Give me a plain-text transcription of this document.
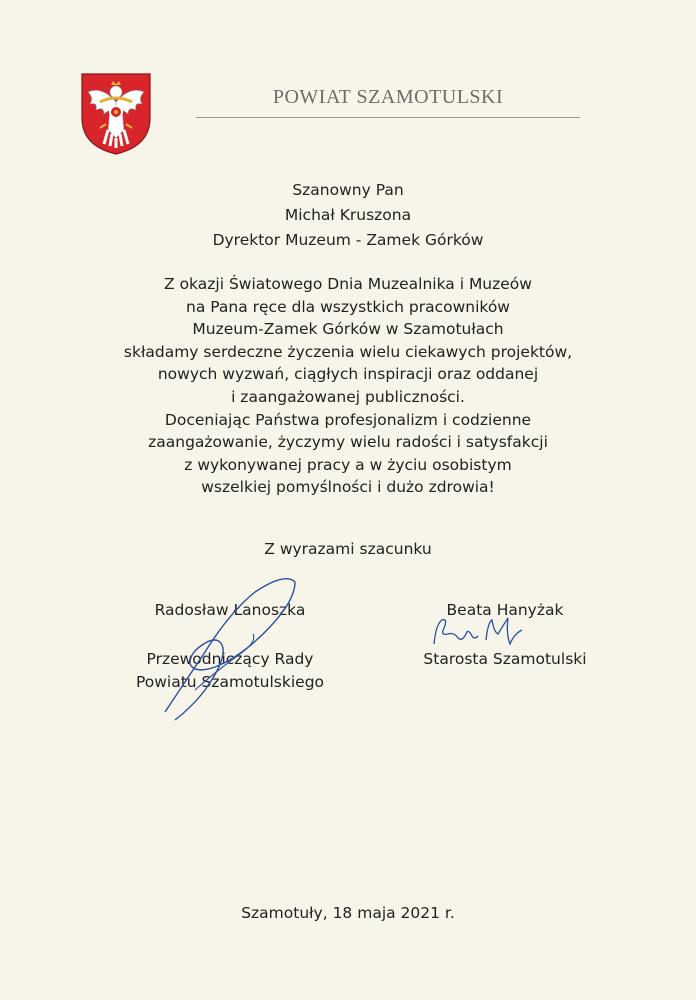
POWIAT SZAMOTULSKI
Szanowny Pan
Michał Kruszona
Dyrektor Muzeum - Zamek Górków
Z okazji Światowego Dnia Muzealnika i Muzeów
na Pana ręce dla wszystkich pracowników
Muzeum-Zamek Górków w Szamotułach
składamy serdeczne życzenia wielu ciekawych projektów,
nowych wyzwań, ciągłych inspiracji oraz oddanej
i zaangażowanej publiczności.
Doceniając Państwa profesjonalizm i codzienne
zaangażowanie, życzymy wielu radości i satysfakcji
z wykonywanej pracy a w życiu osobistym
wszelkiej pomyślności i dużo zdrowia!
Z wyrazami szacunku
Radosław Łanoszka
Przewodniczący Rady
Powiatu Szamotulskiego
Beata Hanyżak
Starosta Szamotulski
Szamotuły, 18 maja 2021 r.
